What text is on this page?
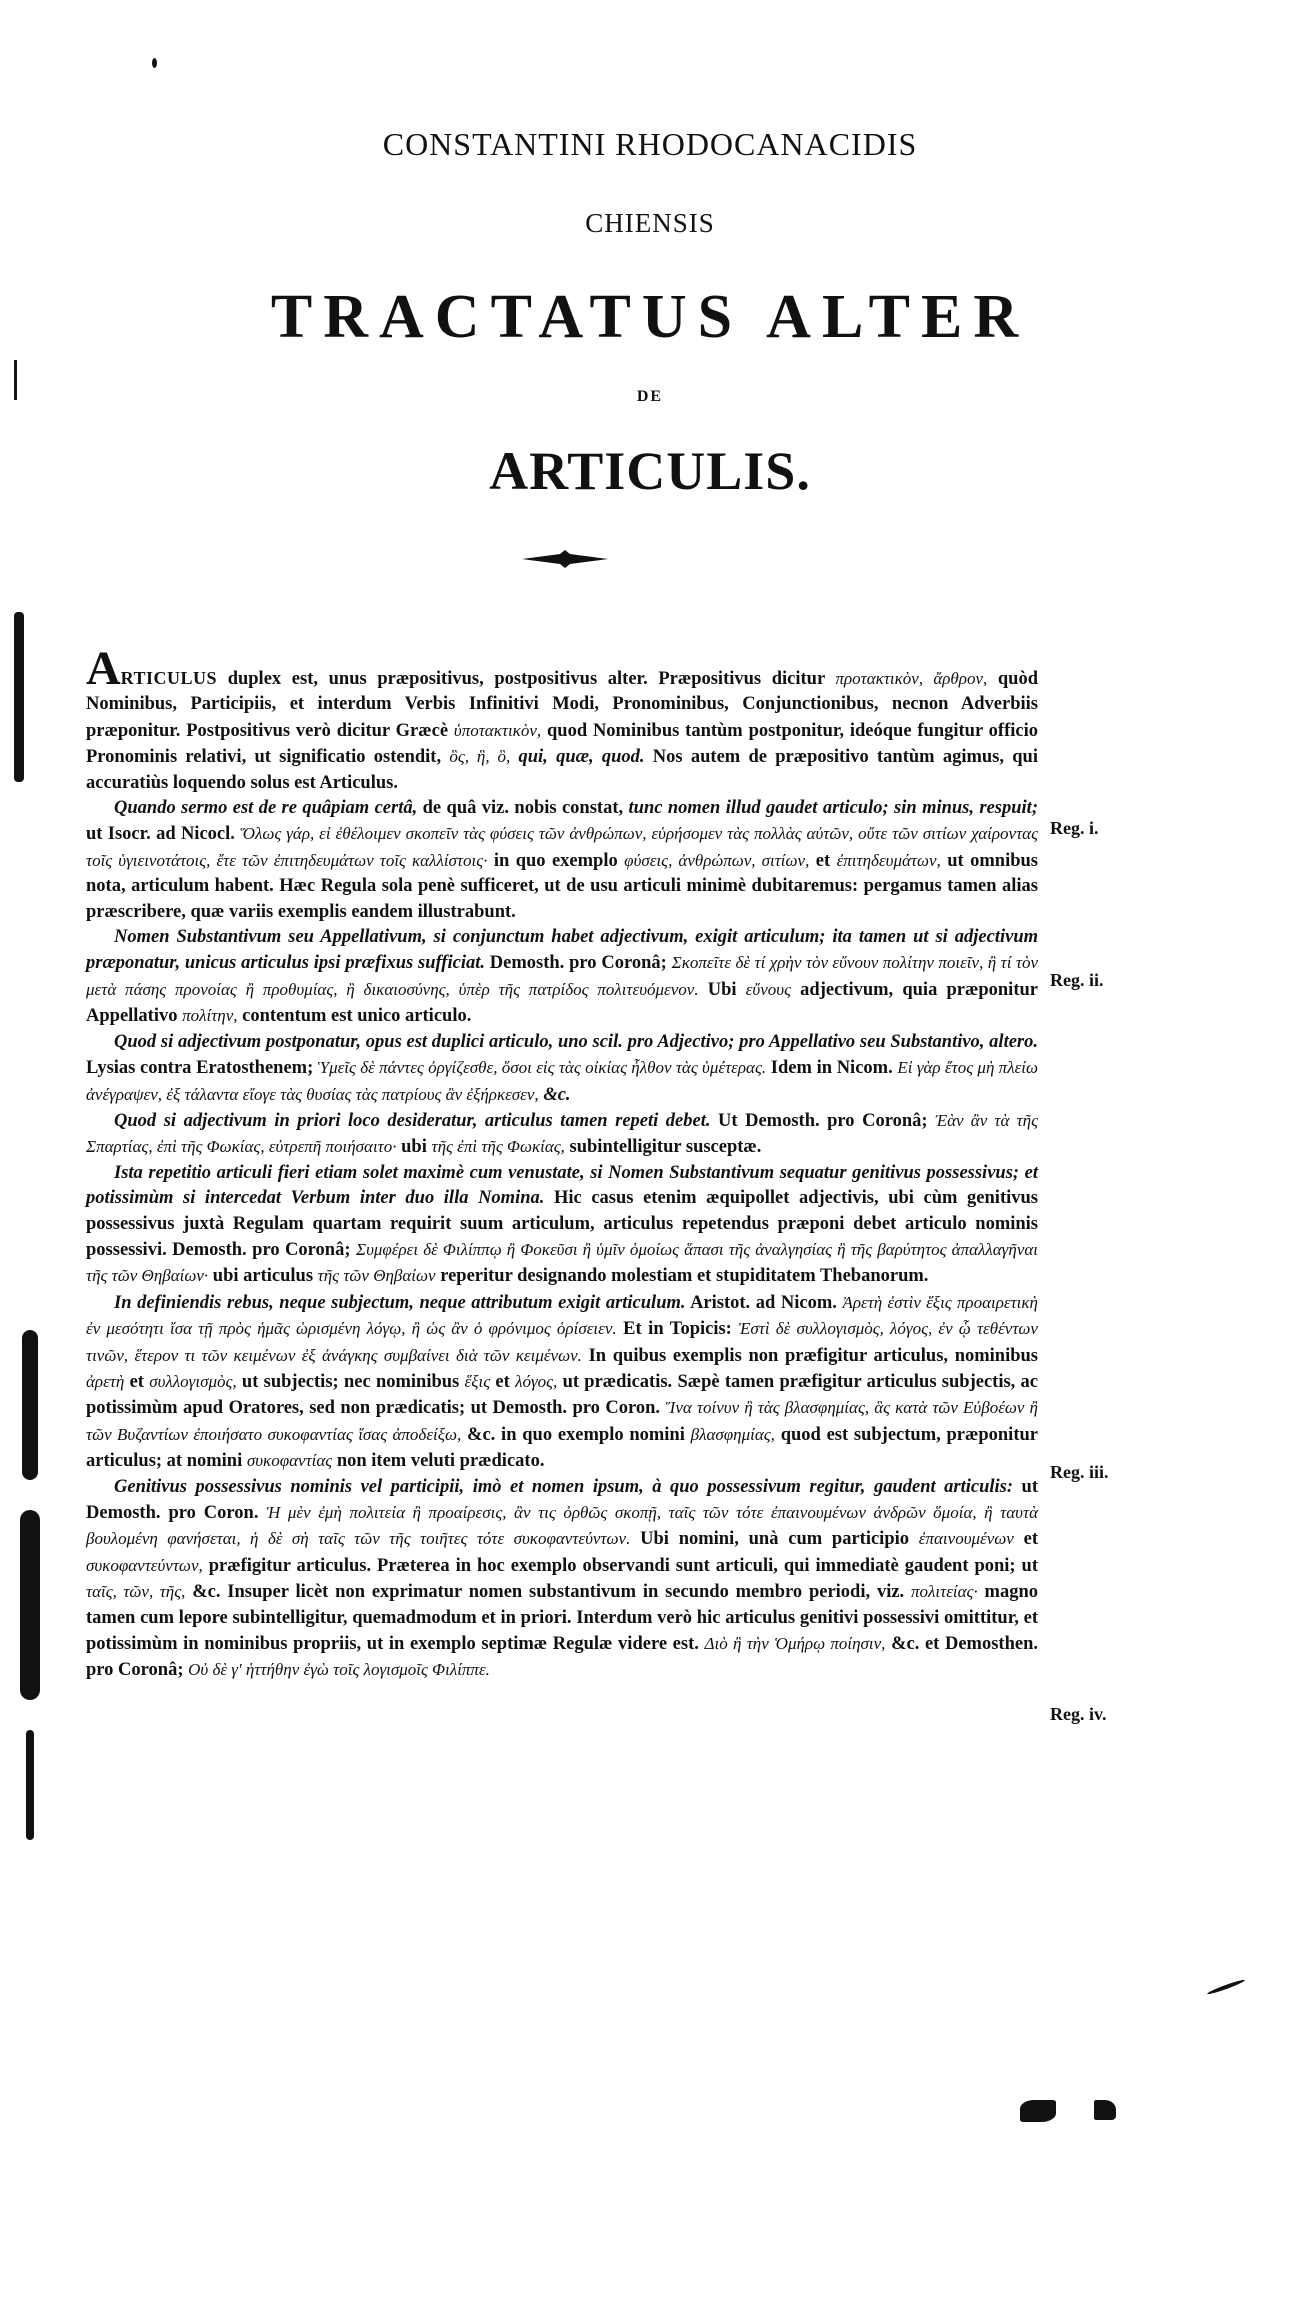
CONSTANTINI RHODOCANACIDIS
CHIENSIS
TRACTATUS ALTER
DE
ARTICULIS.
Reg. i.
Reg. ii.
Reg. iii.
Reg. iv.

ARTICULUS duplex est, unus præpositivus, postpositivus alter. Præpositivus dicitur προτακτικὸν, ἄρθρον, quòd Nominibus, Participiis, et interdum Verbis Infinitivi Modi, Pronominibus, Conjunctionibus, necnon Adverbiis præponitur. Postpositivus verò dicitur Græcè ὑποτακτικὸν, quod Nominibus tantùm postponitur, ideóque fungitur officio Pronominis relativi, ut significatio ostendit, ὃς, ἣ, ὃ, qui, quæ, quod. Nos autem de præpositivo tantùm agimus, qui accuratiùs loquendo solus est Articulus.

Quando sermo est de re quâpiam certâ, de quâ viz. nobis constat, tunc nomen illud gaudet articulo; sin minus, respuit; ut Isocr. ad Nicocl. Ὅλως γάρ, εἰ ἐθέλοιμεν σκοπεῖν τὰς φύσεις τῶν ἀνθρώπων, εὑρήσομεν τὰς πολλὰς αὐτῶν, οὔτε τῶν σιτίων χαίροντας τοῖς ὑγιεινοτάτοις, ἔτε τῶν ἐπιτηδευμάτων τοῖς καλλίστοις· in quo exemplo φύσεις, ἀνθρώπων, σιτίων, et ἐπιτηδευμάτων, ut omnibus nota, articulum habent. Hæc Regula sola penè sufficeret, ut de usu articuli minimè dubitaremus: pergamus tamen alias præscribere, quæ variis exemplis eandem illustrabunt.

Nomen Substantivum seu Appellativum, si conjunctum habet adjectivum, exigit articulum; ita tamen ut si adjectivum præponatur, unicus articulus ipsi præfixus sufficiat. Demosth. pro Coronâ; Σκοπεῖτε δὲ τί χρὴν τὸν εὔνουν πολίτην ποιεῖν, ἢ τί τὸν μετὰ πάσης προνοίας ἢ προθυμίας, ἢ δικαιοσύνης, ὑπὲρ τῆς πατρίδος πολιτευόμενον. Ubi εὔνους adjectivum, quia præponitur Appellativo πολίτην, contentum est unico articulo.

Quod si adjectivum postponatur, opus est duplici articulo, uno scil. pro Adjectivo; pro Appellativo seu Substantivo, altero. Lysias contra Eratosthenem; Ὑμεῖς δὲ πάντες ὀργίζεσθε, ὅσοι εἰς τὰς οἰκίας ἦλθον τὰς ὑμέτερας. Idem in Nicom. Εἰ γὰρ ἔτος μὴ πλείω ἀνέγραψεν, ἐξ τάλαντα εἴογε τὰς θυσίας τὰς πατρίους ἂν ἐξήρκεσεν, &c.

Quod si adjectivum in priori loco desideratur, articulus tamen repeti debet. Ut Demosth. pro Coronâ; Ἐὰν ἂν τὰ τῆς Σπαρτίας, ἐπὶ τῆς Φωκίας, εὐτρεπῆ ποιήσαιτο· ubi τῆς ἐπὶ τῆς Φωκίας, subintelligitur susceptæ.

Ista repetitio articuli fieri etiam solet maximè cum venustate, si Nomen Substantivum sequatur genitivus possessivus; et potissimùm si intercedat Verbum inter duo illa Nomina. Hic casus etenim æquipollet adjectivis, ubi cùm genitivus possessivus juxtà Regulam quartam requirit suum articulum, articulus repetendus præponi debet articulo nominis possessivi. Demosth. pro Coronâ; Συμφέρει δὲ Φιλίππῳ ἢ Φοκεῦσι ἢ ὑμῖν ὁμοίως ἅπασι τῆς ἀναλγησίας ἢ τῆς βαρύτητος ἀπαλλαγῆναι τῆς τῶν Θηβαίων· ubi articulus τῆς τῶν Θηβαίων reperitur designando molestiam et stupiditatem Thebanorum.

In definiendis rebus, neque subjectum, neque attributum exigit articulum. Aristot. ad Nicom. Ἀρετὴ ἐστὶν ἕξις προαιρετικὴ ἐν μεσότητι ἴσα τῇ πρὸς ἡμᾶς ὡρισμένη λόγῳ, ἢ ὡς ἂν ὁ φρόνιμος ὁρίσειεν. Et in Topicis: Ἐστὶ δὲ συλλογισμὸς, λόγος, ἐν ᾧ τεθέντων τινῶν, ἕτερον τι τῶν κειμένων ἐξ ἀνάγκης συμβαίνει διὰ τῶν κειμένων. In quibus exemplis non præfigitur articulus, nominibus ἀρετὴ et συλλογισμὸς, ut subjectis; nec nominibus ἕξις et λόγος, ut prædicatis. Sæpè tamen præfigitur articulus subjectis, ac potissimùm apud Oratores, sed non prædicatis; ut Demosth. pro Coron. Ἵνα τοίνυν ἢ τὰς βλασφημίας, ἃς κατὰ τῶν Εὐβοέων ἢ τῶν Βυζαντίων ἐποιήσατο συκοφαντίας ἴσας ἀποδείξω, &c. in quo exemplo nomini βλασφημίας, quod est subjectum, præponitur articulus; at nomini συκοφαντίας non item veluti prædicato.

Genitivus possessivus nominis vel participii, imò et nomen ipsum, à quo possessivum regitur, gaudent articulis: ut Demosth. pro Coron. Ἡ μὲν ἐμὴ πολιτεία ἢ προαίρεσις, ἂν τις ὀρθῶς σκοπῇ, ταῖς τῶν τότε ἐπαινουμένων ἀνδρῶν ὅμοία, ἢ ταυτὰ βουλομένη φανήσεται, ἡ δὲ σὴ ταῖς τῶν τῆς τοιῆτες τότε συκοφαντεύντων. Ubi nomini, unà cum participio ἐπαινουμένων et συκοφαντεύντων, præfigitur articulus. Præterea in hoc exemplo observandi sunt articuli, qui immediatè gaudent poni; ut ταῖς, τῶν, τῆς, &c. Insuper licèt non exprimatur nomen substantivum in secundo membro periodi, viz. πολιτείας· magno tamen cum lepore subintelligitur, quemadmodum et in priori. Interdum verò hic articulus genitivi possessivi omittitur, et potissimùm in nominibus propriis, ut in exemplo septimæ Regulæ videre est. Διὸ ἢ τὴν Ὁμήρῳ ποίησιν, &c. et Demosthen. pro Coronâ; Οὐ δὲ γ' ἡττήθην ἐγὼ τοῖς λογισμοῖς Φιλίππε.
